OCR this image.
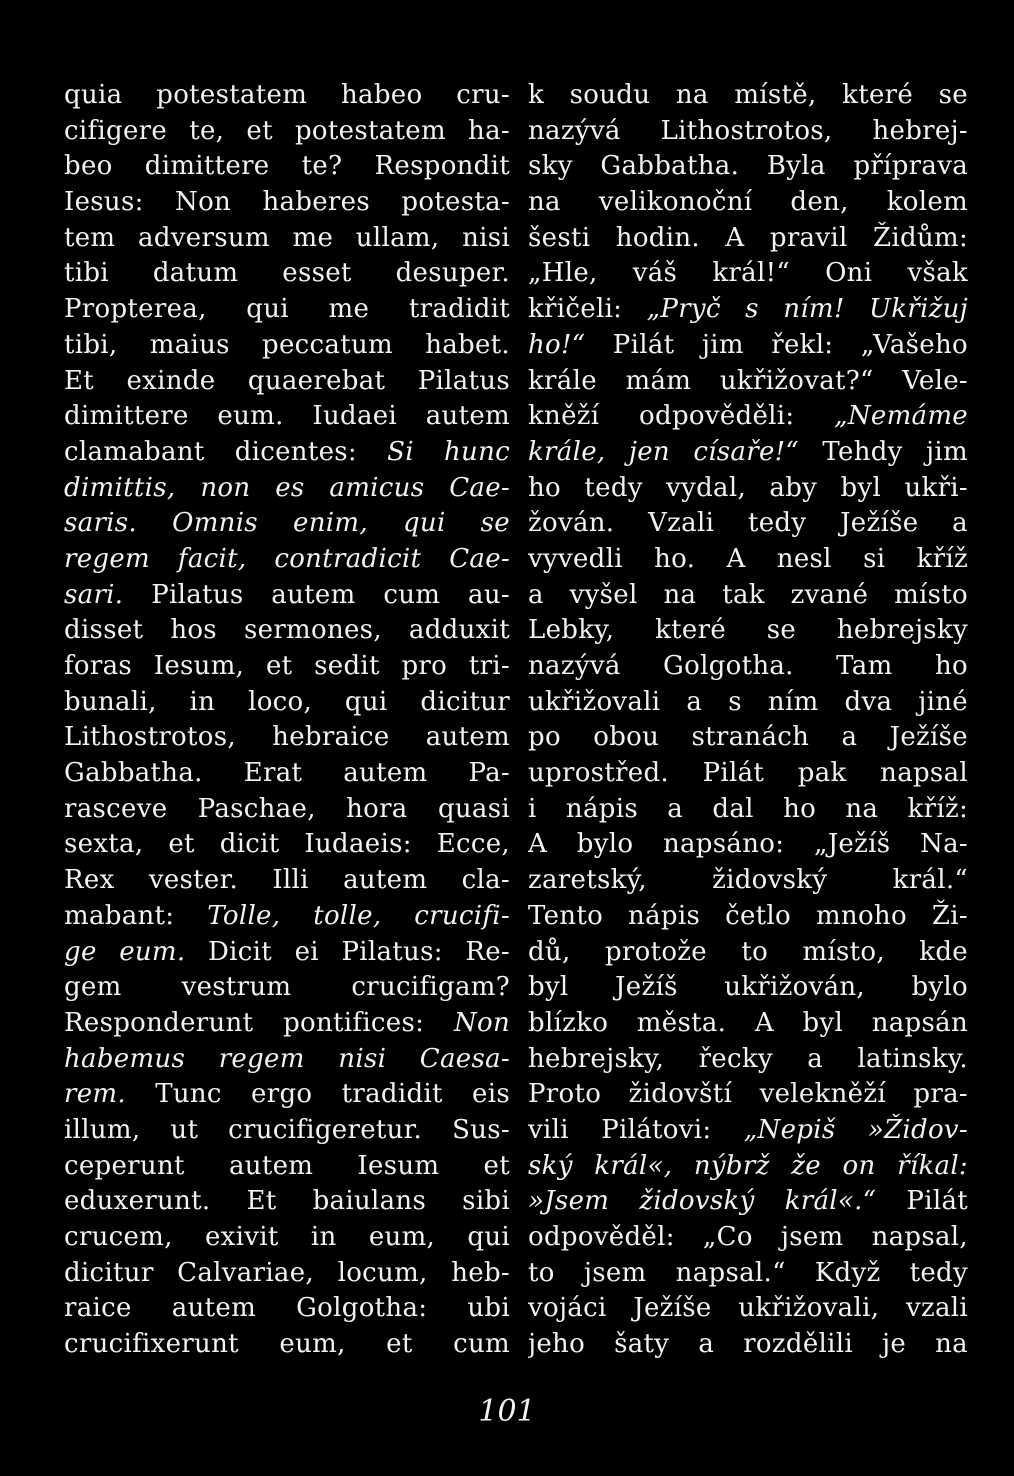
quia potestatem habeo cru-
cifigere te, et potestatem ha-
beo dimittere te? Respondit
Iesus: Non haberes potesta-
tem adversum me ullam, nisi
tibi datum esset desuper.
Propterea, qui me tradidit
tibi, maius peccatum habet.
Et exinde quaerebat Pilatus
dimittere eum. Iudaei autem
clamabant dicentes: Si hunc
dimittis, non es amicus Cae-
saris. Omnis enim, qui se
regem facit, contradicit Cae-
sari. Pilatus autem cum au-
disset hos sermones, adduxit
foras Iesum, et sedit pro tri-
bunali, in loco, qui dicitur
Lithostrotos, hebraice autem
Gabbatha. Erat autem Pa-
rasceve Paschae, hora quasi
sexta, et dicit Iudaeis: Ecce,
Rex vester. Illi autem cla-
mabant: Tolle, tolle, crucifi-
ge eum. Dicit ei Pilatus: Re-
gem vestrum crucifigam?
Responderunt pontifices: Non
habemus regem nisi Caesa-
rem. Tunc ergo tradidit eis
illum, ut crucifigeretur. Sus-
ceperunt autem Iesum et
eduxerunt. Et baiulans sibi
crucem, exivit in eum, qui
dicitur Calvariae, locum, heb-
raice autem Golgotha: ubi
crucifixerunt eum, et cum
k soudu na místě, které se
nazývá Lithostrotos, hebrej-
sky Gabbatha. Byla příprava
na velikonoční den, kolem
šesti hodin. A pravil Židům:
„Hle, váš král!“ Oni však
křičeli: „Pryč s ním! Ukřižuj
ho!“ Pilát jim řekl: „Vašeho
krále mám ukřižovat?“ Vele-
kněží odpověděli: „Nemáme
krále, jen císaře!“ Tehdy jim
ho tedy vydal, aby byl ukři-
žován. Vzali tedy Ježíše a
vyvedli ho. A nesl si kříž
a vyšel na tak zvané místo
Lebky, které se hebrejsky
nazývá Golgotha. Tam ho
ukřižovali a s ním dva jiné
po obou stranách a Ježíše
uprostřed. Pilát pak napsal
i nápis a dal ho na kříž:
A bylo napsáno: „Ježíš Na-
zaretský, židovský král.“
Tento nápis četlo mnoho Ži-
dů, protože to místo, kde
byl Ježíš ukřižován, bylo
blízko města. A byl napsán
hebrejsky, řecky a latinsky.
Proto židovští velekněží pra-
vili Pilátovi: „Nepiš »Židov-
ský král«, nýbrž že on říkal:
»Jsem židovský král«.“ Pilát
odpověděl: „Co jsem napsal,
to jsem napsal.“ Když tedy
vojáci Ježíše ukřižovali, vzali
jeho šaty a rozdělili je na
101
